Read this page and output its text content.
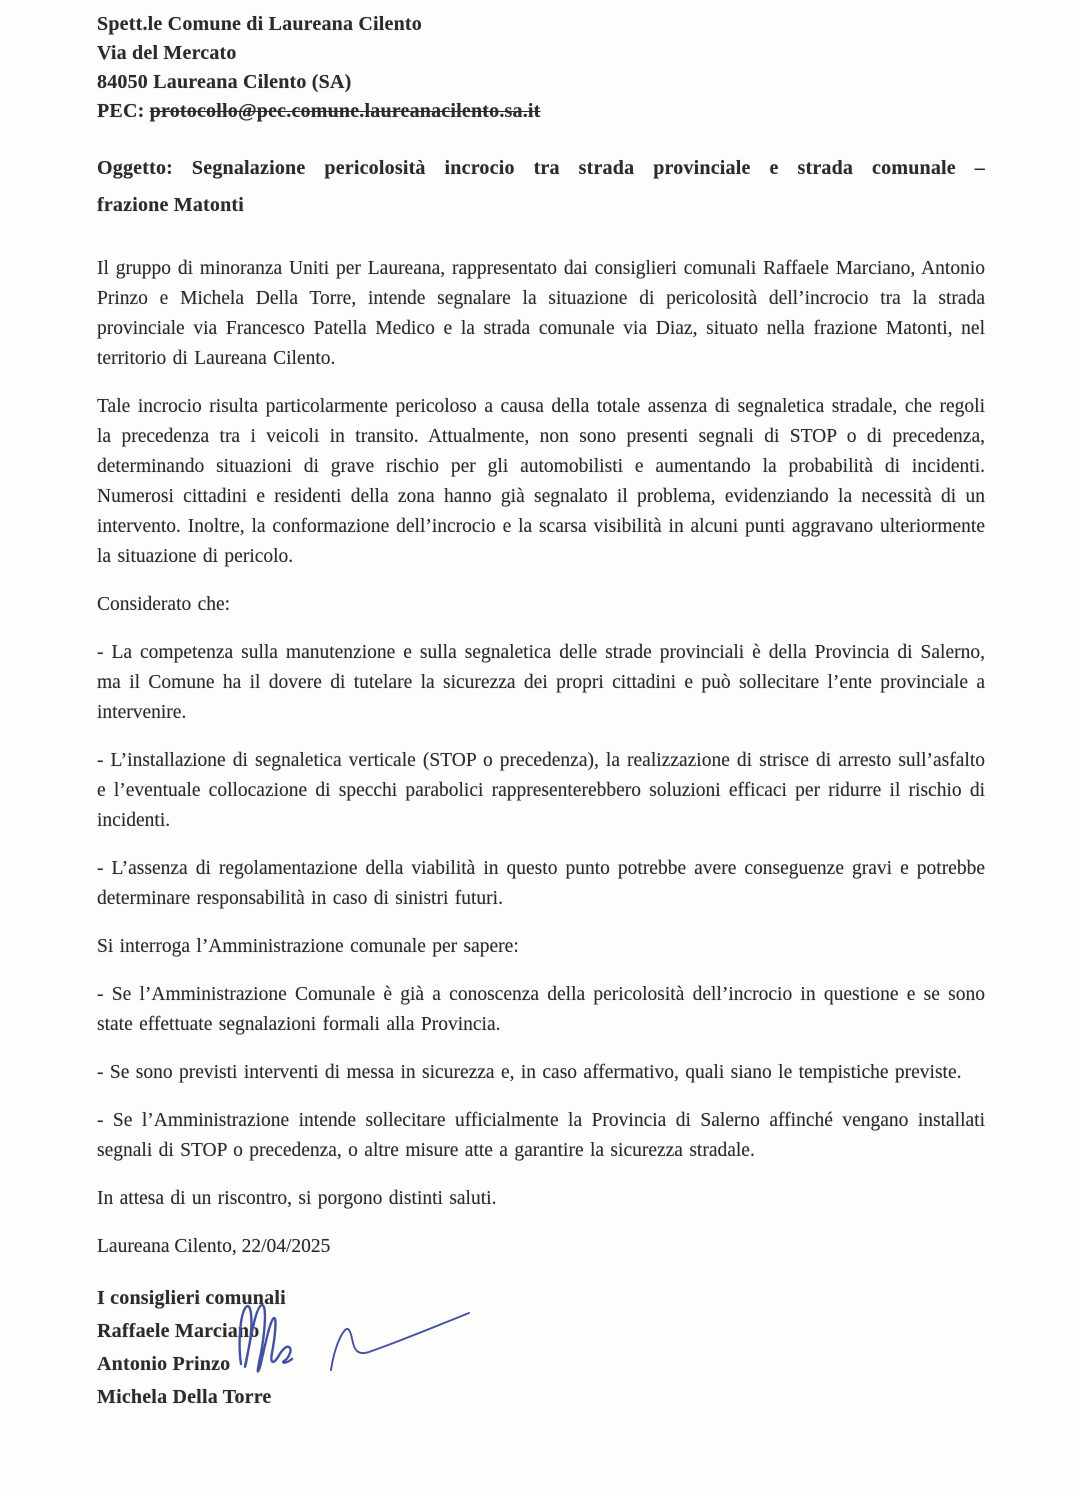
Spett.le Comune di Laureana Cilento
Via del Mercato
84050 Laureana Cilento (SA)
PEC: protocollo@pec.comune.laureanacilento.sa.it
Oggetto: Segnalazione pericolosità incrocio tra strada provinciale e strada comunale –
frazione Matonti

Il gruppo di minoranza Uniti per Laureana, rappresentato dai consiglieri comunali Raffaele Marciano, Antonio Prinzo e Michela Della Torre, intende segnalare la situazione di pericolosità dell’incrocio tra la strada provinciale via Francesco Patella Medico e la strada comunale via Diaz, situato nella frazione Matonti, nel territorio di Laureana Cilento.

Tale incrocio risulta particolarmente pericoloso a causa della totale assenza di segnaletica stradale, che regoli la precedenza tra i veicoli in transito. Attualmente, non sono presenti segnali di STOP o di precedenza, determinando situazioni di grave rischio per gli automobilisti e aumentando la probabilità di incidenti. Numerosi cittadini e residenti della zona hanno già segnalato il problema, evidenziando la necessità di un intervento. Inoltre, la conformazione dell’incrocio e la scarsa visibilità in alcuni punti aggravano ulteriormente la situazione di pericolo.

Considerato che:

- La competenza sulla manutenzione e sulla segnaletica delle strade provinciali è della Provincia di Salerno, ma il Comune ha il dovere di tutelare la sicurezza dei propri cittadini e può sollecitare l’ente provinciale a intervenire.

- L’installazione di segnaletica verticale (STOP o precedenza), la realizzazione di strisce di arresto sull’asfalto e l’eventuale collocazione di specchi parabolici rappresenterebbero soluzioni efficaci per ridurre il rischio di incidenti.

- L’assenza di regolamentazione della viabilità in questo punto potrebbe avere conseguenze gravi e potrebbe determinare responsabilità in caso di sinistri futuri.

Si interroga l’Amministrazione comunale per sapere:

- Se l’Amministrazione Comunale è già a conoscenza della pericolosità dell’incrocio in questione e se sono state effettuate segnalazioni formali alla Provincia.

- Se sono previsti interventi di messa in sicurezza e, in caso affermativo, quali siano le tempistiche previste.

- Se l’Amministrazione intende sollecitare ufficialmente la Provincia di Salerno affinché vengano installati segnali di STOP o precedenza, o altre misure atte a garantire la sicurezza stradale.

In attesa di un riscontro, si porgono distinti saluti.

Laureana Cilento, 22/04/2025
I consiglieri comunali
Raffaele Marciano
Antonio Prinzo
Michela Della Torre
